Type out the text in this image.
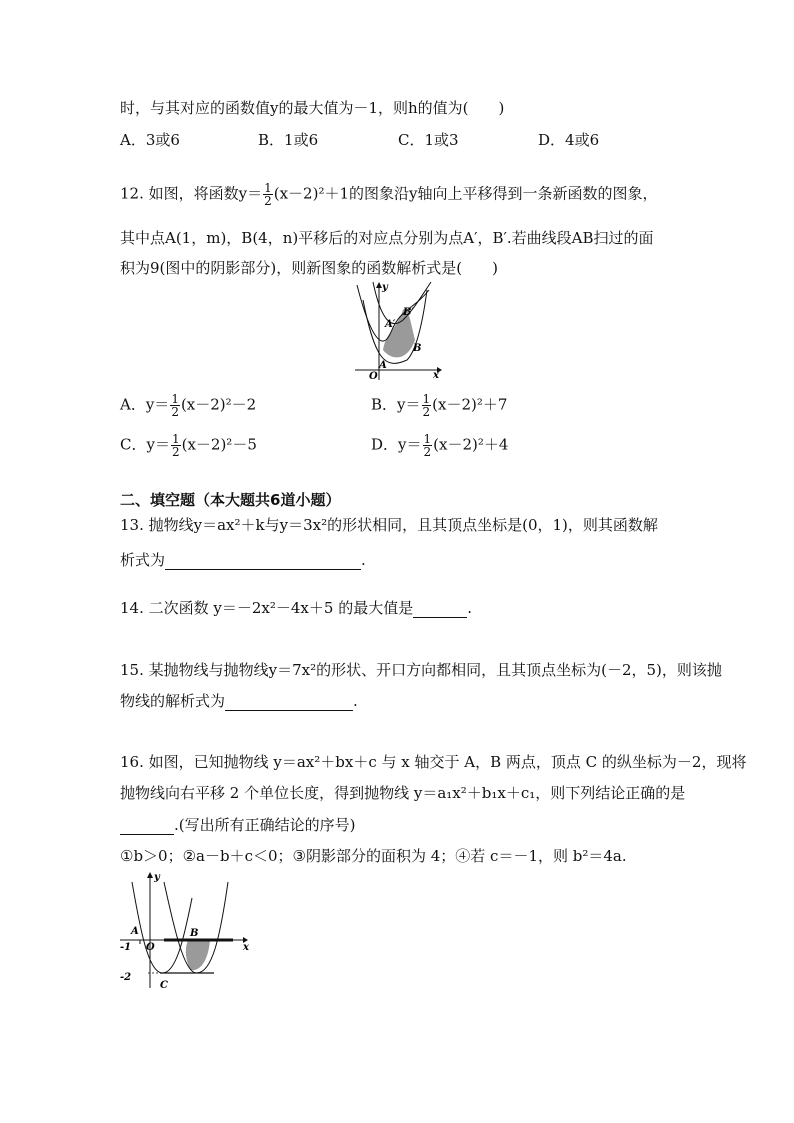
时，与其对应的函数值y的最大值为－1，则h的值为(　　)
A．3或6	B．1或6	C．1或3	D．4或6
12. 如图，将函数$y= \frac{1}{2} (x-2)^2+1$的图象沿y轴向上平移得到一条新函数的图象，
其中点A(1，m)，B(4，n)平移后的对应点分别为点A′，B′.若曲线段AB扫过的面
积为9(图中的阴影部分)，则新图象的函数解析式是(　　)
O
y
x
A
B
A′
B′
A．$y= \frac{1}{2} (x-2)^2-2$	B．$y= \frac{1}{2} (x-2)^2+7$
C．$y= \frac{1}{2} (x-2)^2-5$	D．$y= \frac{1}{2} (x-2)^2+4$
二、填空题（本大题共6道小题）
13. 抛物线y＝ax²＋k与y＝3x²的形状相同，且其顶点坐标是(0，1)，则其函数解
析式为	.
14. 二次函数 y＝－2x²－4x＋5 的最大值是	.
15. 某抛物线与抛物线y＝7x²的形状、开口方向都相同，且其顶点坐标为(－2，5)，则该抛
物线的解析式为	.
16. 如图，已知抛物线 y＝ax²＋bx＋c 与 x 轴交于 A，B 两点，顶点 C 的纵坐标为－2，现将
抛物线向右平移 2 个单位长度，得到抛物线 y＝a₁x²＋b₁x＋c₁，则下列结论正确的是
.(写出所有正确结论的序号)
①b＞0；②a－b＋c＜0；③阴影部分的面积为 4；④若 c＝－1，则 b²＝4a.
-1
-2
O
A	B
C
y
x
